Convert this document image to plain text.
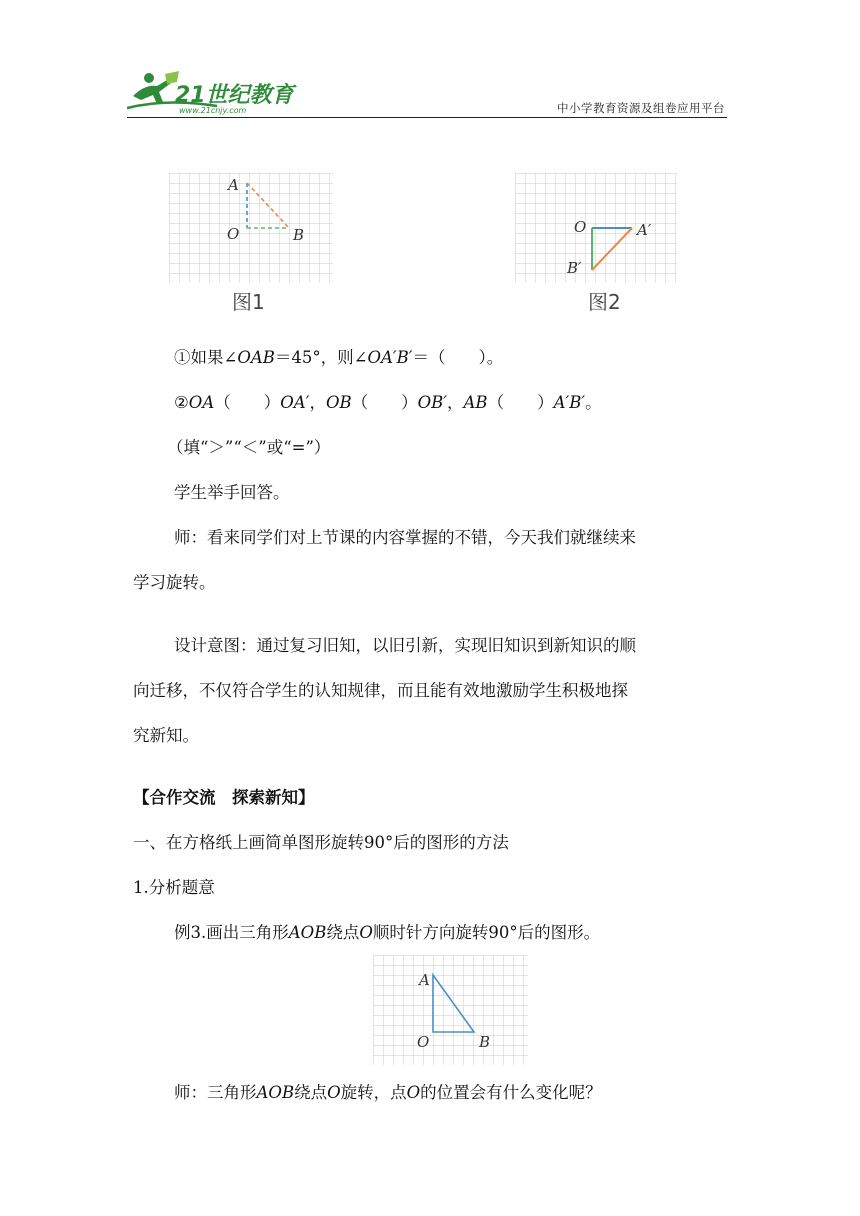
21世纪教育
www.21cnjy.com	中小学教育资源及组卷应用平台
A
O	B
图1
O	A′
B′
图2
①如果∠OAB＝45°，则∠OA′B′＝（　　）。
②OA（　　）OA′，OB（　　）OB′，AB（　　）A′B′。
（填“＞”“＜”或“=”）
学生举手回答。
师：看来同学们对上节课的内容掌握的不错，今天我们就继续来
学习旋转。
设计意图：通过复习旧知，以旧引新，实现旧知识到新知识的顺
向迁移，不仅符合学生的认知规律，而且能有效地激励学生积极地探
究新知。
【合作交流　探索新知】
一、在方格纸上画简单图形旋转90°后的图形的方法
1.分析题意
例3.画出三角形AOB绕点O顺时针方向旋转90°后的图形。
A
O	B
师：三角形AOB绕点O旋转，点O的位置会有什么变化呢？
